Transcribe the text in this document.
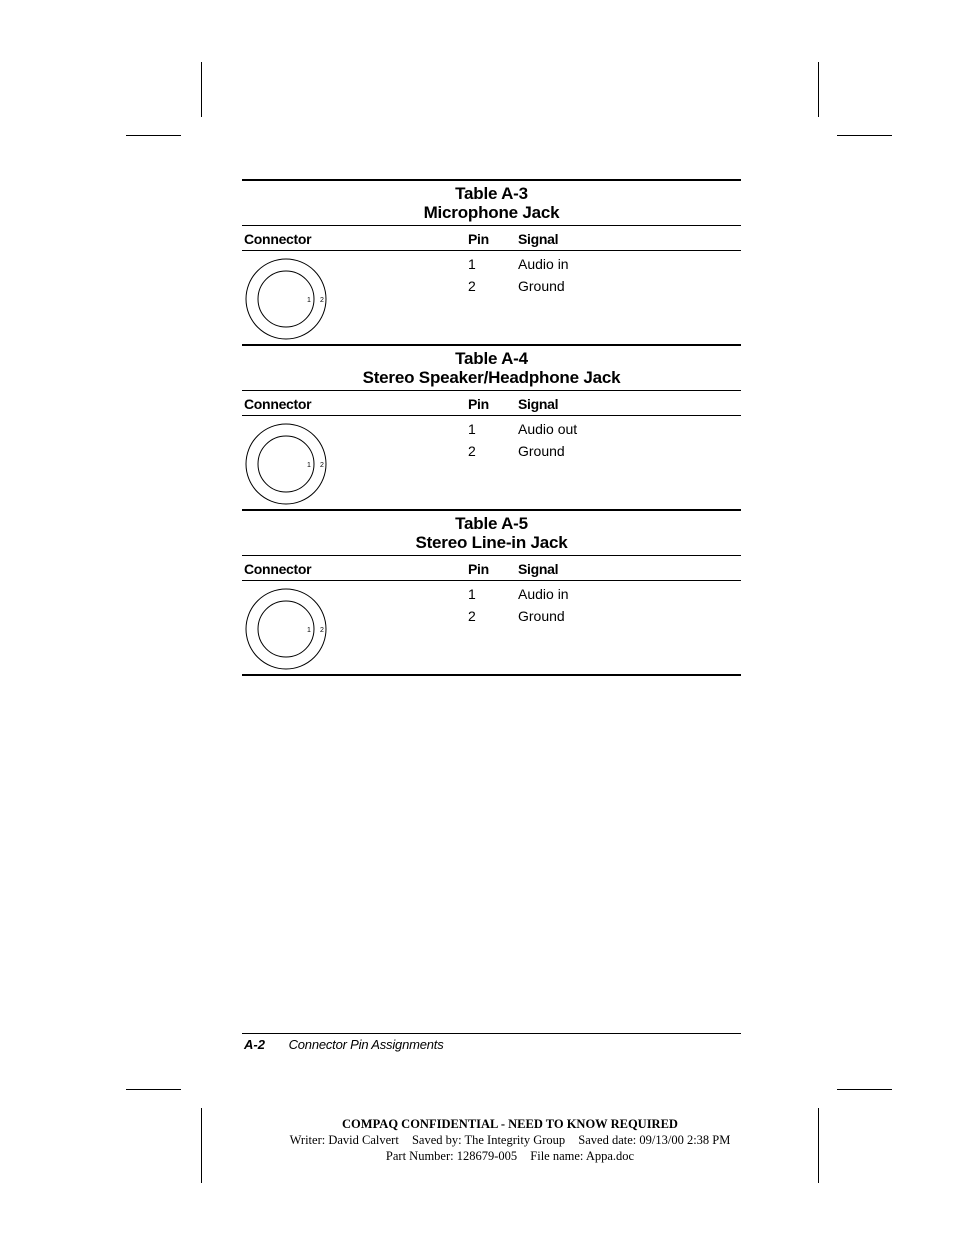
Table A-3
Microphone Jack
Connector	Pin Signal
1 2
1	Audio in
2	Ground
Table A-4
Stereo Speaker/Headphone Jack
Connector	Pin Signal
1 2
1	Audio out
2	Ground
Table A-5
Stereo Line-in Jack
Connector	Pin Signal
1 2
1	Audio in
2	Ground
A-2 Connector Pin Assignments
COMPAQ CONFIDENTIAL - NEED TO KNOW REQUIRED
Writer: David Calvert Saved by: The Integrity Group Saved date: 09/13/00 2:38 PM
Part Number: 128679-005 File name: Appa.doc
